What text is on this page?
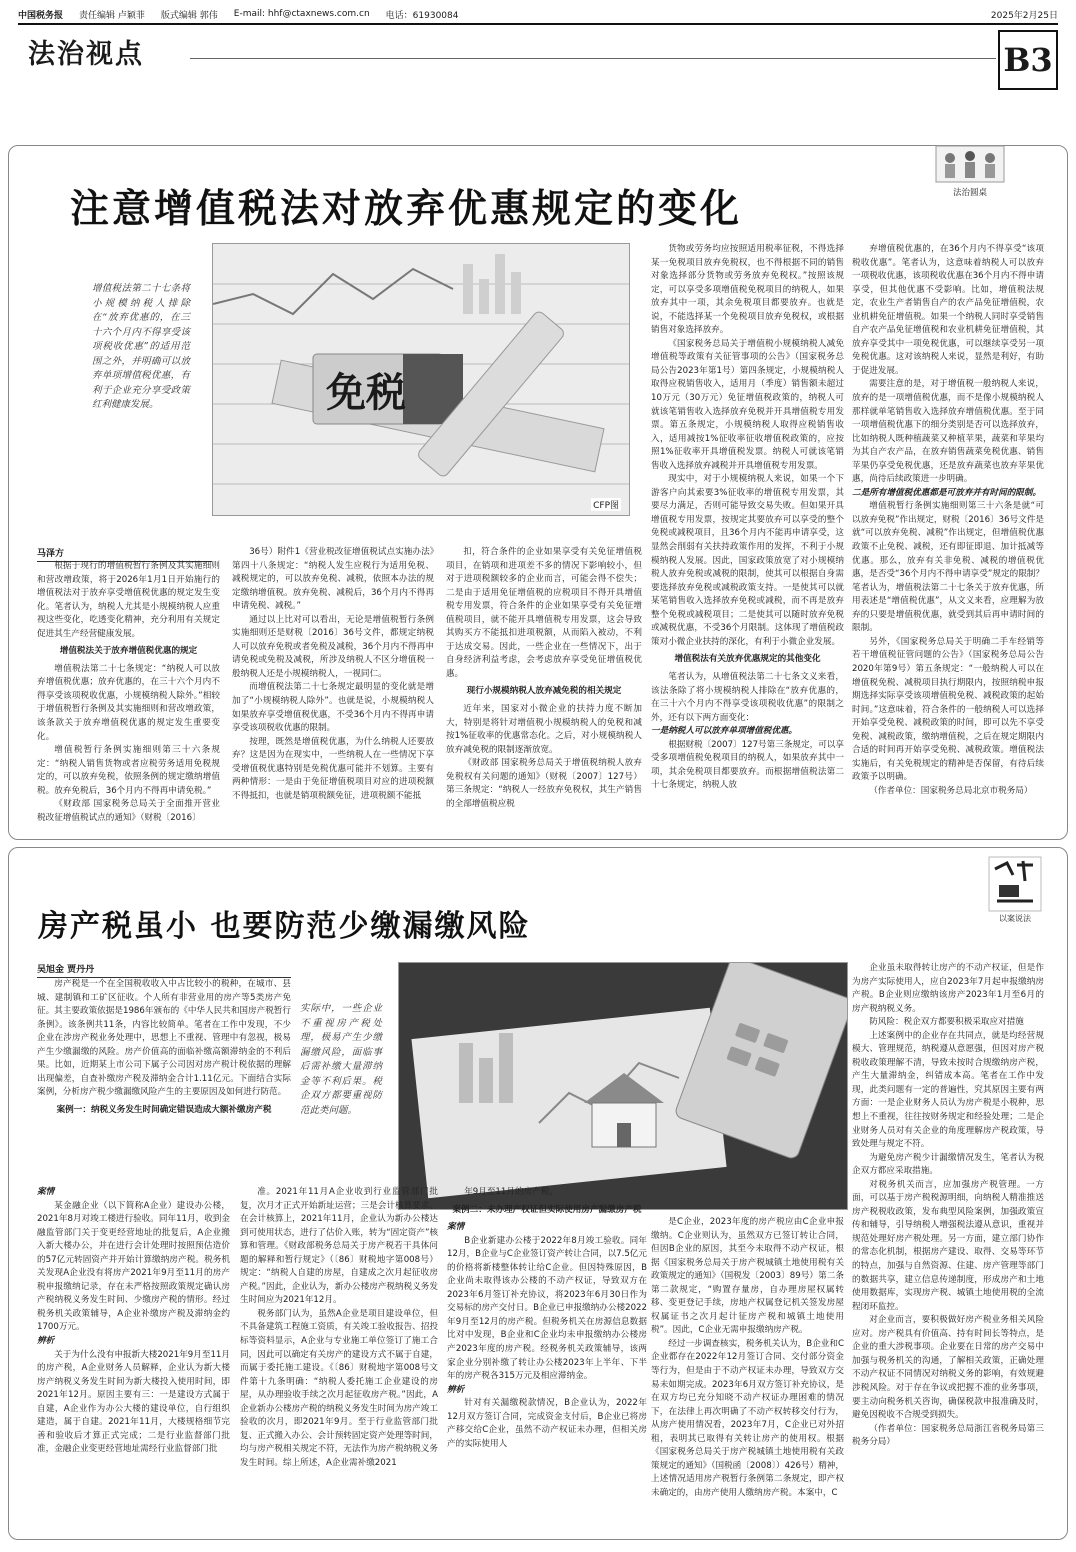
中国税务报 责任编辑 卢颖菲 版式编辑 郭伟 E-mail: hhf@ctaxnews.com.cn 电话：61930084	2025年2月25日
法治视点	B3
注意增值税法对放弃优惠规定的变化	法治圆桌
增值税法第二十七条将小规模纳税人排除在“放弃优惠的，在三十六个月内不得享受该项税收优惠”的适用范围之外，并明确可以放弃单项增值税优惠，有利于企业充分享受政策红利健康发展。	免税
CFP图
马泽方

根据于现行的增值税暂行条例及其实施细则和营改增政策，将于2026年1月1日开始施行的增值税法对于放弃享受增值税优惠的规定发生变化。笔者认为，纳税人尤其是小规模纳税人应重视这些变化，吃透变化精神，充分利用有关规定促进其生产经营健康发展。

增值税法关于放弃增值税优惠的规定

增值税法第二十七条规定：“纳税人可以放弃增值税优惠；放弃优惠的，在三十六个月内不得享受该项税收优惠，小规模纳税人除外。”相较于增值税暂行条例及其实施细则和营改增政策，该条款关于放弃增值税优惠的规定发生重要变化。

增值税暂行条例实施细则第三十六条规定：“纳税人销售货物或者应税劳务适用免税规定的，可以放弃免税，依照条例的规定缴纳增值税。放弃免税后，36个月内不得再申请免税。”

《财政部 国家税务总局关于全面推开营业税改征增值税试点的通知》（财税〔2016〕

36号）附件1《营业税改征增值税试点实施办法》第四十八条规定：“纳税人发生应税行为适用免税、减税规定的，可以放弃免税、减税，依照本办法的规定缴纳增值税。放弃免税、减税后，36个月内不得再申请免税、减税。”

通过以上比对可以看出，无论是增值税暂行条例实施细则还是财税〔2016〕36号文件，都规定纳税人可以放弃免税或者免税及减税，36个月内不得再申请免税或免税及减税，所涉及纳税人不区分增值税一般纳税人还是小规模纳税人，一视同仁。

而增值税法第二十七条规定最明显的变化就是增加了“小规模纳税人除外”。也就是说，小规模纳税人如果放弃享受增值税优惠，不受36个月内不得再申请享受该项税收优惠的限制。

按理，既然是增值税优惠，为什么纳税人还要放弃？这是因为在现实中，一些纳税人在一些情况下享受增值税优惠特别是免税优惠可能并不划算。主要有两种情形：一是由于免征增值税项目对应的进项税额不得抵扣，也就是销项税额免征，进项税额不能抵

扣，符合条件的企业如果享受有关免征增值税项目，在销项和进项差不多的情况下影响较小，但对于进项税额较多的企业而言，可能会得不偿失；二是由于适用免征增值税的应税项目不得开具增值税专用发票，符合条件的企业如果享受有关免征增值税项目，就不能开具增值税专用发票，这会导致其购买方不能抵扣进项税额，从而陷入被动，不利于达成交易。因此，一些企业在一些情况下，出于自身经济利益考虑，会考虑放弃享受免征增值税优惠。

现行小规模纳税人放弃减免税的相关规定

近年来，国家对小微企业的扶持力度不断加大，特别是将针对增值税小规模纳税人的免税和减按1%征收率的优惠常态化。之后，对小规模纳税人放弃减免税的限制逐渐放宽。

《财政部 国家税务总局关于增值税纳税人放弃免税权有关问题的通知》（财税〔2007〕127号）第三条规定：“纳税人一经放弃免税权，其生产销售的全部增值税应税

货物或劳务均应按照适用税率征税，不得选择某一免税项目放弃免税权，也不得根据不同的销售对象选择部分货物或劳务放弃免税权。”按照该规定，可以享受多项增值税免税项目的纳税人，如果放弃其中一项，其余免税项目都要放弃。也就是说，不能选择某一个免税项目放弃免税权，或根据销售对象选择放弃。

《国家税务总局关于增值税小规模纳税人减免增值税等政策有关征管事项的公告》（国家税务总局公告2023年第1号）第四条规定，小规模纳税人取得应税销售收入，适用月（季度）销售额未超过10万元（30万元）免征增值税政策的，纳税人可就该笔销售收入选择放弃免税并开具增值税专用发票。第五条规定，小规模纳税人取得应税销售收入，适用减按1%征收率征收增值税政策的，应按照1%征收率开具增值税发票。纳税人可就该笔销售收入选择放弃减税并开具增值税专用发票。

现实中，对于小规模纳税人来说，如果一个下游客户向其索要3%征收率的增值税专用发票，其要尽力满足，否则可能导致交易失败。但如果开具增值税专用发票，按规定其要放弃可以享受的整个免税或减税项目，且36个月内不能再申请享受，这显然会削弱有关扶持政策作用的发挥，不利于小规模纳税人发展。因此，国家政策放宽了对小规模纳税人放弃免税或减税的限制，使其可以根据自身需要选择放弃免税或减税政策支持。一是使其可以就某笔销售收入选择放弃免税或减税，而不再是放弃整个免税或减税项目；二是使其可以随时放弃免税或减税优惠，不受36个月限制。这体现了增值税政策对小微企业扶持的深化，有利于小微企业发展。

增值税法有关放弃优惠规定的其他变化

笔者认为，从增值税法第二十七条文义来看，该法条除了将小规模纳税人排除在“放弃优惠的，在三十六个月内不得享受该项税收优惠”的限制之外，还有以下两方面变化：

一是纳税人可以放弃单项增值税优惠。

根据财税〔2007〕127号第三条规定，可以享受多项增值税免税项目的纳税人，如果放弃其中一项，其余免税项目都要放弃。而根据增值税法第二十七条规定，纳税人放

弃增值税优惠的，在36个月内不得享受“该项税收优惠”。笔者认为，这意味着纳税人可以放弃一项税收优惠，该项税收优惠在36个月内不得申请享受，但其他优惠不受影响。比如，增值税法规定，农业生产者销售自产的农产品免征增值税，农业机耕免征增值税。如果一个纳税人同时享受销售自产农产品免征增值税和农业机耕免征增值税，其放弃享受其中一项免税优惠，可以继续享受另一项免税优惠。这对该纳税人来说，显然是利好，有助于促进发展。

需要注意的是，对于增值税一般纳税人来说，放弃的是一项增值税优惠，而不是像小规模纳税人那样就单笔销售收入选择放弃增值税优惠。至于同一项增值税优惠下的细分类别是否可以选择放弃，比如纳税人既种植蔬菜又种植苹果，蔬菜和苹果均为其自产农产品，在放弃销售蔬菜免税优惠、销售苹果仍享受免税优惠，还是放弃蔬菜也放弃苹果优惠，尚待后续政策进一步明确。

二是所有增值税优惠都是可放弃并有时间的限制。

增值税暂行条例实施细则第三十六条是就“可以放弃免税”作出规定，财税〔2016〕36号文件是就“可以放弃免税、减税”作出规定，但增值税优惠政策不止免税、减税，还有即征即退、加计抵减等优惠。那么，放弃有关非免税、减税的增值税优惠，是否受“36个月内不得申请享受”规定的限制？笔者认为，增值税法第二十七条关于放弃优惠，所用表述是“增值税优惠”，从文义来看，应理解为放弃的只要是增值税优惠，就受到其后再申请时间的限制。

另外，《国家税务总局关于明确二手车经销等若干增值税征管问题的公告》（国家税务总局公告2020年第9号）第五条规定：“一般纳税人可以在增值税免税、减税项目执行期限内，按照纳税申报期选择实际享受该项增值税免税、减税政策的起始时间。”这意味着，符合条件的一般纳税人可以选择开始享受免税、减税政策的时间，即可以先不享受免税、减税政策，缴纳增值税，之后在规定期限内合适的时间再开始享受免税、减税政策。增值税法实施后，有关免税规定的精神是否保留，有待后续政策予以明确。

（作者单位：国家税务总局北京市税务局）

房产税虽小 也要防范少缴漏缴风险	以案说法
吴旭金 贾丹丹

房产税是一个在全国税收收入中占比较小的税种，在城市、县城、建制镇和工矿区征收。个人所有非营业用的房产等5类房产免征。其主要政策依据是1986年颁布的《中华人民共和国房产税暂行条例》。该条例共11条，内容比较简单。笔者在工作中发现，不少企业在涉房产税业务处理中，思想上不重视、管理中有忽视，极易产生少缴漏缴的风险。房产价值高的面临补缴高额滞纳金的不利后果。比如，近期某上市公司下属子公司因对房产税计税依据的理解出现偏差，自查补缴房产税及滞纳金合计1.11亿元。下面结合实际案例，分析房产税少缴漏缴风险产生的主要原因及如何进行防范。

案例一：纳税义务发生时间确定错误造成大额补缴房产税

实际中，一些企业不重视房产税处理，极易产生少缴漏缴风险，面临事后需补缴大量滞纳金等不利后果。税企双方都要重视防范此类问题。

案情

某金融企业（以下简称A企业）建设办公楼，2021年8月对竣工楼进行验收。同年11月，收到金融监管部门关于变更经营地址的批复后，A企业搬入新大楼办公，并在进行会计处理时按照预估造价的57亿元转固资产并开始计算缴纳房产税。税务机关发现A企业没有将房产2021年9月至11月的房产税申报缴纳记录，存在未严格按照政策规定确认房产税纳税义务发生时间、少缴房产税的情形。经过税务机关政策辅导，A企业补缴房产税及滞纳金约1700万元。

辨析

关于为什么没有申报新大楼2021年9月至11月的房产税，A企业财务人员解释，企业认为新大楼房产纳税义务发生时间为新大楼投入使用时间，即2021年12月。原因主要有三：一是建设方式属于自建，A企业作为办公大楼的建设单位，自行组织建造，属于自建。2021年11月，大楼规格细节完善和验收后才算正式完成；二是行业监督部门批准，金融企业变更经营地址需经行业监督部门批

准。2021年11月A企业收到行业监管部门批复，次月才正式开始新址运营；三是会计核算要求。在会计核算上，2021年11月，企业认为新办公楼达到可使用状态，进行了估价入账，转为“固定资产”核算和管理。《财政部税务总局关于房产税若干具体问题的解释和暂行规定》（〔86〕财税地字第008号）规定：“纳税人自建的房屋，自建成之次月起征收房产税。”因此，企业认为，新办公楼房产税纳税义务发生时间应为2021年12月。

税务部门认为，虽然A企业是项目建设单位，但不具备建筑工程施工资质，有关竣工验收报告、招投标等资料显示，A企业与专业施工单位签订了施工合同，因此可以确定有关房产的建设方式不属于自建，而属于委托施工建设。《〔86〕财税地字第008号文件第十九条明确：“纳税人委托施工企业建设的房屋，从办理验收手续之次月起征收房产税。”因此，A企业新办公楼房产税的纳税义务发生时间为房产竣工验收的次月，即2021年9月。至于行业监管部门批复、正式搬入办公、会计预转固定资产处理等时间，均与房产税相关规定不符，无法作为房产税纳税义务发生时间。综上所述，A企业需补缴2021

年9月至11月的房产税。

案例二：未办理产权证但实际使用房产漏缴房产税

案情

B企业新建办公楼于2022年8月竣工验收。同年12月，B企业与C企业签订资产转让合同，以7.5亿元的价格将新楼整体转让给C企业。但因特殊原因，B企业尚未取得该办公楼的不动产权证，导致双方在2023年6月签订补充协议，将2023年6月30日作为交易标的房产交付日。B企业已申报缴纳办公楼2022年9月至12月的房产税。但税务机关在房源信息数据比对中发现，B企业和C企业均未申报缴纳办公楼房产2023年度的房产税。经税务机关政策辅导，该两家企业分别补缴了转让办公楼2023年上半年、下半年的房产税各315万元及相应滞纳金。

辨析

针对有关漏缴税款情况，B企业认为，2022年12月双方签订合同，完成资金支付后，B企业已将房产移交给C企业，虽然不动产权证未办理，但相关房产的实际使用人

是C企业，2023年度的房产税应由C企业申报缴纳。C企业则认为，虽然双方已签订转让合同，但因B企业的原因，其至今未取得不动产权证，根据《国家税务总局关于房产税城镇土地使用税有关政策规定的通知》（国税发〔2003〕89号）第二条第二款规定，“购置存量房，自办理房屋权属转移、变更登记手续，房地产权属登记机关签发房屋权属证书之次月起计征房产税和城镇土地使用税”。因此，C企业无需申报缴纳房产税。

经过一步调查核实，税务机关认为，B企业和C企业都存在2022年12月签订合同、交付部分资金等行为，但是由于不动产权证未办理，导致双方交易未如期完成。2023年6月双方签订补充协议，是在双方均已充分知晓不动产权证办理困难的情况下，在法律上再次明确了不动产权转移交付行为，从房产使用情况看，2023年7月，C企业已对外招租，表明其已取得有关转让房产的使用权。根据《国家税务总局关于房产税城镇土地使用税有关政策规定的通知》（国税函〔2008〕）426号）精神，上述情况适用房产税暂行条例第二条规定，即产权未确定的，由房产使用人缴纳房产税。本案中，C

企业虽未取得转让房产的不动产权证，但是作为房产实际使用人，应自2023年7月起申报缴纳房产税。B企业则应缴纳该房产2023年1月至6月的房产税纳税义务。

防风险：税企双方都要积极采取应对措施

上述案例中的企业存在共同点，就是均经营规模大、管理规范，纳税遵从意愿强，但因对房产税税收政策理解不清，导致未按时合规缴纳房产税，产生大量滞纳金，纠错成本高。笔者在工作中发现，此类问题有一定的普遍性，究其原因主要有两方面：一是企业财务人员认为房产税是小税种，思想上不重视，往往按财务规定和经验处理；二是企业财务人员对有关企业的角度理解房产税政策，导致处理与规定不符。

为避免房产税少计漏缴情况发生，笔者认为税企双方都应采取措施。

对税务机关而言，应加强房产税管理。一方面，可以基于房产税税源明细，向纳税人精准推送房产税税收政策，发布典型风险案例，加强政策宣传和辅导，引导纳税人增强税法遵从意识，重视并规范处理好房产税处理。另一方面，建立部门协作的常态化机制，根据房产建设、取得、交易等环节的特点，加强与自然资源、住建、房产管理等部门的数据共享，建立信息传递制度，形成房产和土地使用数据库，实现房产税、城镇土地使用税的全流程闭环监控。

对企业而言，要积极做好房产税业务相关风险应对。房产税具有价值高、持有时间长等特点，是企业的重大涉税事项。企业要在日常的房产交易中加强与税务机关的沟通，了解相关政策，正确处理不动产权证不同情况对纳税义务的影响，有效规避涉税风险。对于存在争议或把握不准的业务事项，要主动向税务机关咨询，确保税款申报准确及时，避免因税收不合规受到损失。

（作者单位：国家税务总局浙江省税务局第三税务分局）
